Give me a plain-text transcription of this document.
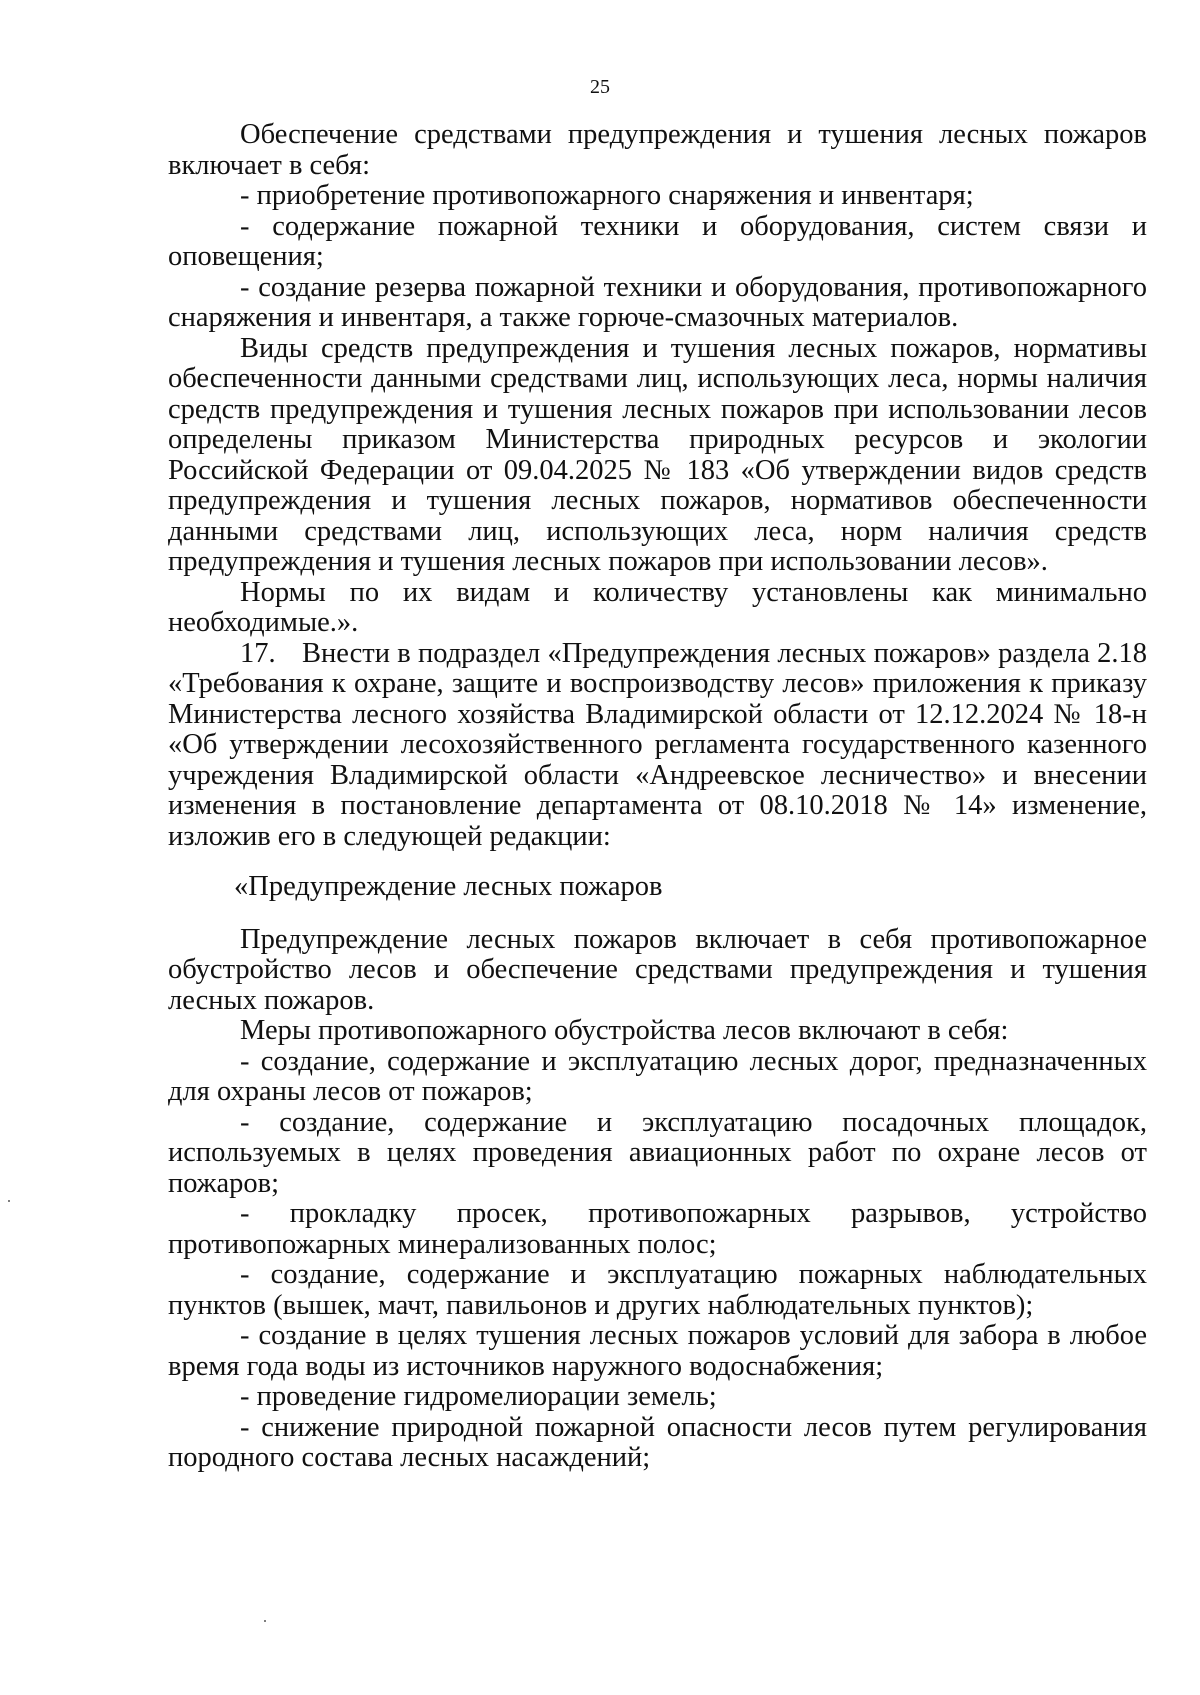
25

Обеспечение средствами предупреждения и тушения лесных пожаров включает в себя:

- приобретение противопожарного снаряжения и инвентаря;

- содержание пожарной техники и оборудования, систем связи и оповещения;

- создание резерва пожарной техники и оборудования, противопожарного снаряжения и инвентаря, а также горюче-смазочных материалов.

Виды средств предупреждения и тушения лесных пожаров, нормативы обеспеченности данными средствами лиц, использующих леса, нормы наличия средств предупреждения и тушения лесных пожаров при использовании лесов определены приказом Министерства природных ресурсов и экологии Российской Федерации от 09.04.2025 № 183 «Об утверждении видов средств предупреждения и тушения лесных пожаров, нормативов обеспеченности данными средствами лиц, использующих леса, норм наличия средств предупреждения и тушения лесных пожаров при использовании лесов».

Нормы по их видам и количеству установлены как минимально необходимые.».

17. Внести в подраздел «Предупреждения лесных пожаров» раздела 2.18 «Требования к охране, защите и воспроизводству лесов» приложения к приказу Министерства лесного хозяйства Владимирской области от 12.12.2024 № 18-н «Об утверждении лесохозяйственного регламента государственного казенного учреждения Владимирской области «Андреевское лесничество» и внесении изменения в постановление департамента от 08.10.2018 № 14» изменение, изложив его в следующей редакции:

«Предупреждение лесных пожаров

Предупреждение лесных пожаров включает в себя противопожарное обустройство лесов и обеспечение средствами предупреждения и тушения лесных пожаров.

Меры противопожарного обустройства лесов включают в себя:

- создание, содержание и эксплуатацию лесных дорог, предназначенных для охраны лесов от пожаров;

- создание, содержание и эксплуатацию посадочных площадок, используемых в целях проведения авиационных работ по охране лесов от пожаров;

- прокладку просек, противопожарных разрывов, устройство противопожарных минерализованных полос;

- создание, содержание и эксплуатацию пожарных наблюдательных пунктов (вышек, мачт, павильонов и других наблюдательных пунктов);

- создание в целях тушения лесных пожаров условий для забора в любое время года воды из источников наружного водоснабжения;

- проведение гидромелиорации земель;

- снижение природной пожарной опасности лесов путем регулирования породного состава лесных насаждений;
